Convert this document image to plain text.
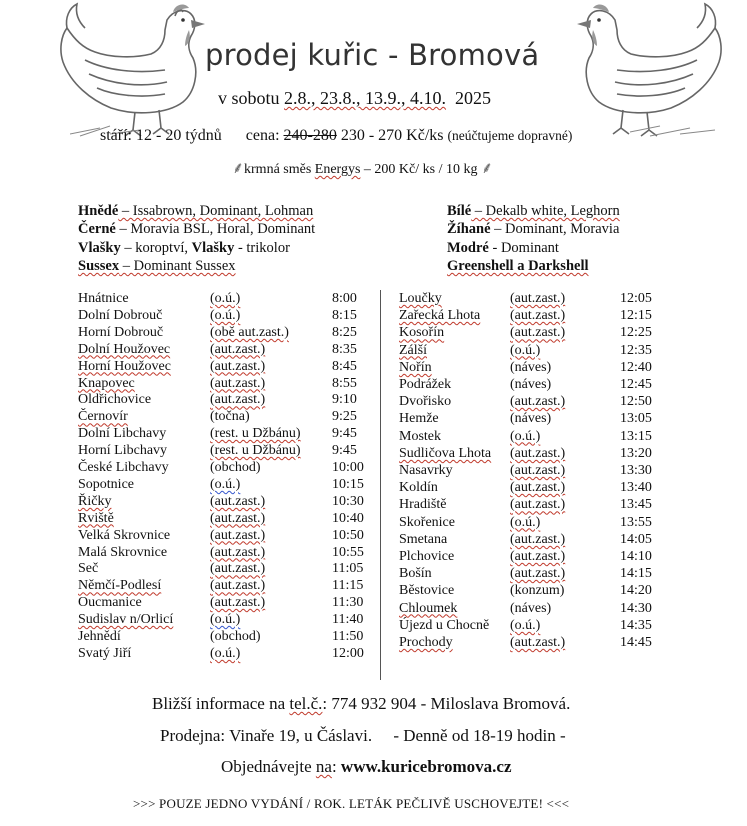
prodej kuřic - Bromová
v sobotu 2.8., 23.8., 13.9., 4.10. 2025
stáří: 12 - 20 týdnů cena: 240-280 230 - 270 Kč/ks (neúčtujeme dopravné)
⸙krmná směs Energys – 200 Kč/ ks / 10 kg ⸙
Hnědé – Issabrown, Dominant, Lohman
Černé – Moravia BSL, Horal, Dominant
Vlašky – koroptví, Vlašky - trikolor
Sussex – Dominant Sussex
Bílé – Dekalb white, Leghorn
Žíhané – Dominant, Moravia
Modré - Dominant
Greenshell a Darkshell
Hnátnice	(o.ú.)	8:00
Dolní Dobrouč	(o.ú.)	8:15
Horní Dobrouč	(obě aut.zast.)	8:25
Dolní Houžovec	(aut.zast.)	8:35
Horní Houžovec	(aut.zast.)	8:45
Knapovec	(aut.zast.)	8:55
Oldřichovice	(aut.zast.)	9:10
Černovír	(točna)	9:25
Dolní Libchavy	(rest. u Džbánu) 9:45
Horní Libchavy	(rest. u Džbánu) 9:45
České Libchavy	(obchod)	10:00
Sopotnice	(o.ú.)	10:15
Řičky	(aut.zast.)	10:30
Rviště	(aut.zast.)	10:40
Velká Skrovnice	(aut.zast.)	10:50
Malá Skrovnice	(aut.zast.)	10:55
Seč	(aut.zast.)	11:05
Němčí-Podlesí	(aut.zast.)	11:15
Oucmanice	(aut.zast.)	11:30
Sudislav n/Orlicí	(o.ú.)	11:40
Jehnědí	(obchod)	11:50
Svatý Jiří	(o.ú.)	12:00
Loučky	(aut.zast.)	12:05
Zařecká Lhota (aut.zast.)	12:15
Kosořín	(aut.zast.)	12:25
Zálší	(o.ú.)	12:35
Nořín	(náves)	12:40
Podrážek	(náves)	12:45
Dvořisko	(aut.zast.)	12:50
Hemže	(náves)	13:05
Mostek	(o.ú.)	13:15
Sudličova Lhota (aut.zast.)	13:20
Nasavrky	(aut.zast.)	13:30
Koldín	(aut.zast.)	13:40
Hradiště	(aut.zast.)	13:45
Skořenice	(o.ú.)	13:55
Smetana	(aut.zast.)	14:05
Plchovice	(aut.zast.)	14:10
Bošín	(aut.zast.)	14:15
Běstovice	(konzum)	14:20
Chloumek	(náves)	14:30
Újezd u Chocně (o.ú.)	14:35
Prochody	(aut.zast.)	14:45
Bližší informace na tel.č.: 774 932 904 - Miloslava Bromová.
Prodejna: Vinaře 19, u Čáslavi. - Denně od 18-19 hodin -
Objednávejte na: www.kuricebromova.cz
>>> POUZE JEDNO VYDÁNÍ / ROK. LETÁK PEČLIVĚ USCHOVEJTE! <<<
